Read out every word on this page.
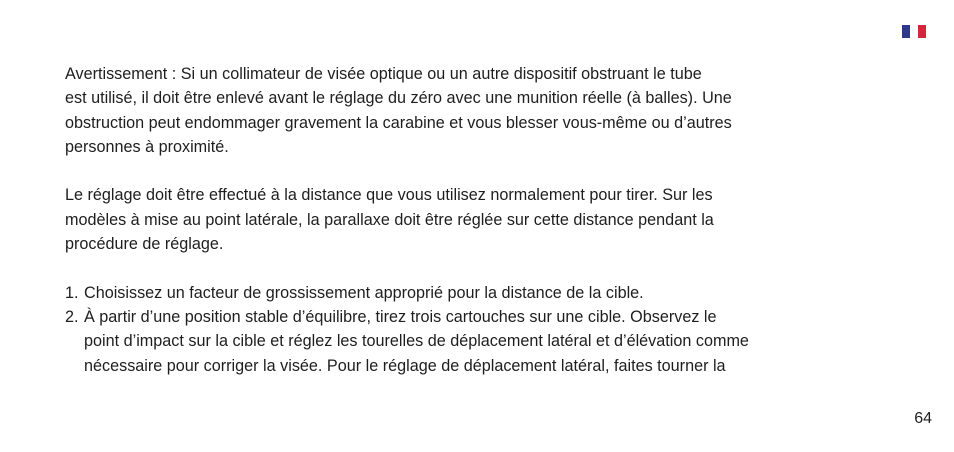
Avertissement : Si un collimateur de visée optique ou un autre dispositif obstruant le tube
est utilisé, il doit être enlevé avant le réglage du zéro avec une munition réelle (à balles). Une
obstruction peut endommager gravement la carabine et vous blesser vous-même ou d’autres
personnes à proximité.

Le réglage doit être effectué à la distance que vous utilisez normalement pour tirer. Sur les
modèles à mise au point latérale, la parallaxe doit être réglée sur cette distance pendant la
procédure de réglage.

1. Choisissez un facteur de grossissement approprié pour la distance de la cible.
2. À partir d’une position stable d’équilibre, tirez trois cartouches sur une cible. Observez le
point d’impact sur la cible et réglez les tourelles de déplacement latéral et d’élévation comme
nécessaire pour corriger la visée. Pour le réglage de déplacement latéral, faites tourner la
64
